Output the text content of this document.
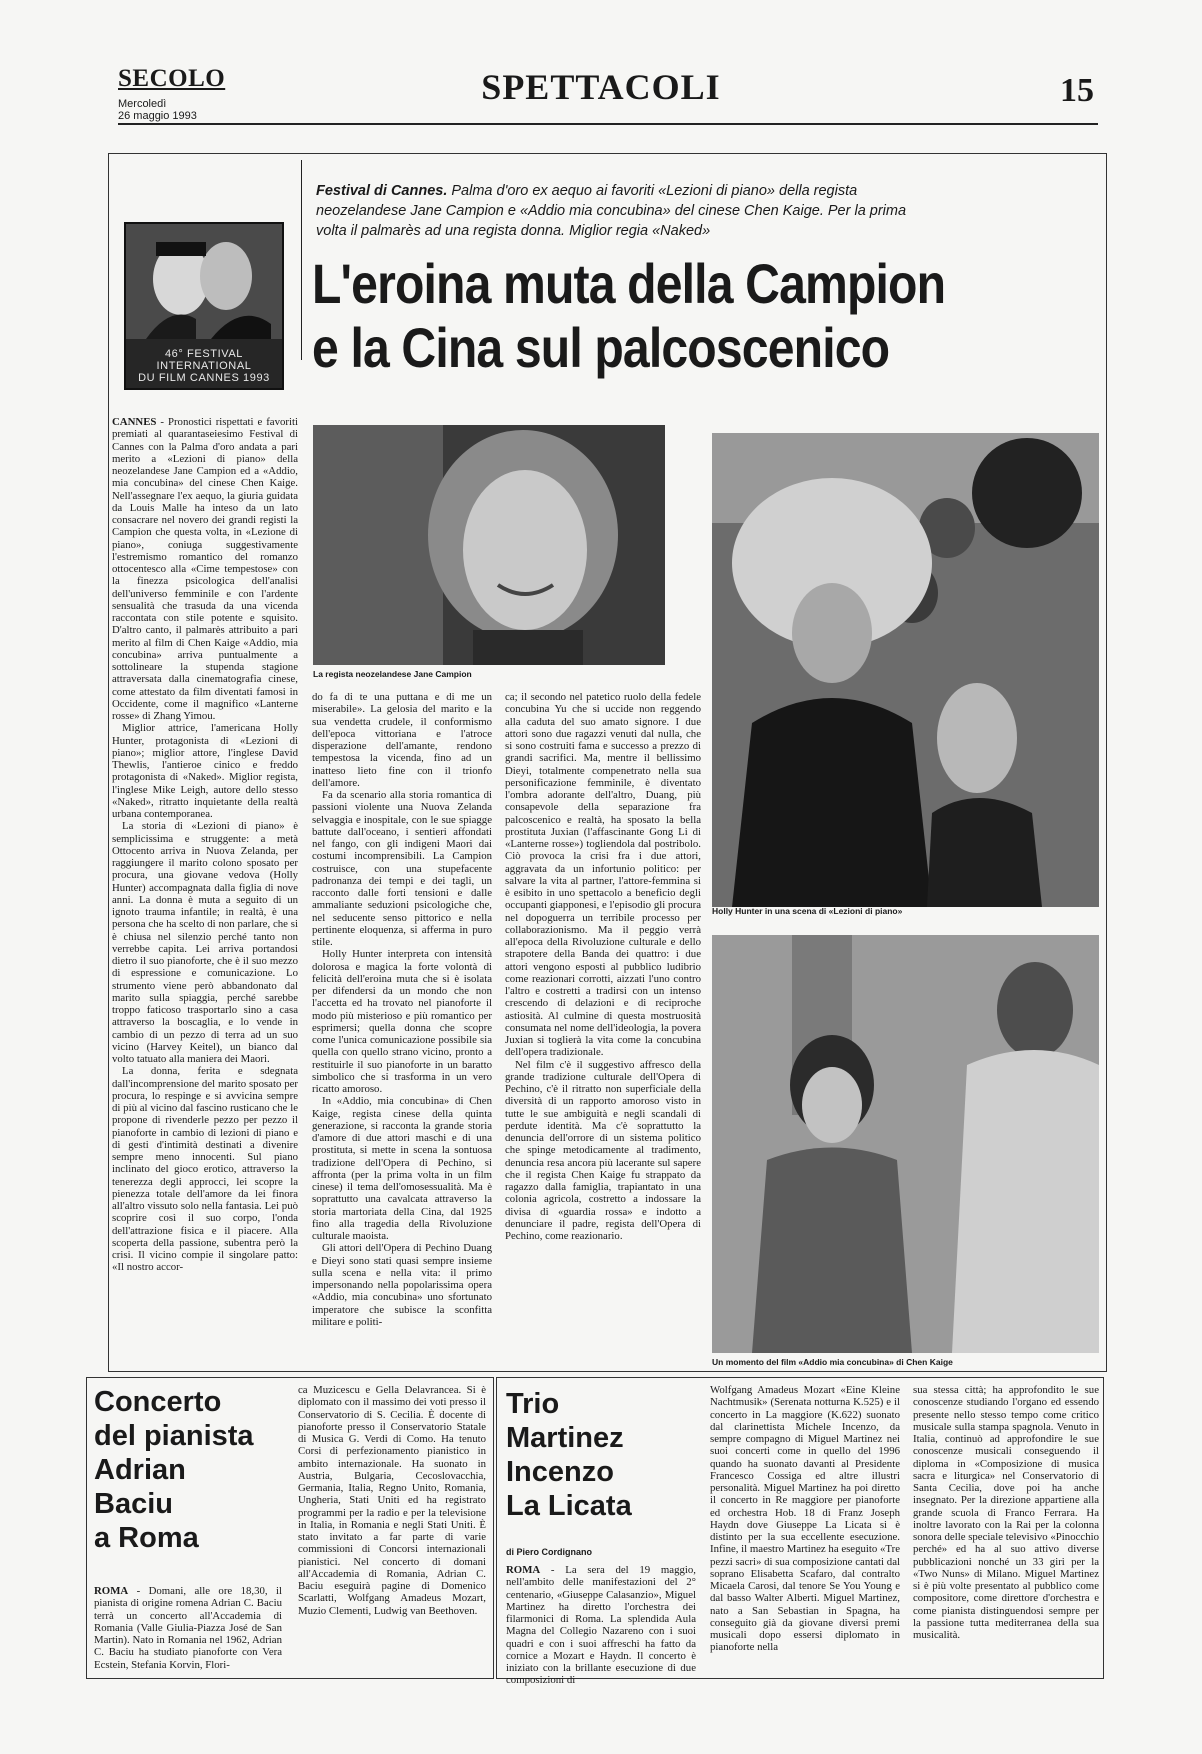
SECOLO
Mercoledì
26 maggio 1993
SPETTACOLI	15
46° FESTIVAL INTERNATIONAL
DU FILM CANNES 1993
Festival di Cannes. Palma d'oro ex aequo ai favoriti «Lezioni di piano» della regista neozelandese Jane Campion e «Addio mia concubina» del cinese Chen Kaige. Per la prima volta il palmarès ad una regista donna. Miglior regia «Naked»
L'eroina muta della Campion
e la Cina sul palcoscenico
La regista neozelandese Jane Campion
Holly Hunter in una scena di «Lezioni di piano»
Un momento del film «Addio mia concubina» di Chen Kaige

CANNES - Pronostici rispettati e favoriti premiati al quarantaseiesimo Festival di Cannes con la Palma d'oro andata a pari merito a «Lezioni di piano» della neozelandese Jane Campion ed a «Addio, mia concubina» del cinese Chen Kaige. Nell'assegnare l'ex aequo, la giuria guidata da Louis Malle ha inteso da un lato consacrare nel novero dei grandi registi la Campion che questa volta, in «Lezione di piano», coniuga suggestivamente l'estremismo romantico del romanzo ottocentesco alla «Cime tempestose» con la finezza psicologica dell'analisi dell'universo femminile e con l'ardente sensualità che trasuda da una vicenda raccontata con stile potente e squisito. D'altro canto, il palmarès attribuito a pari merito al film di Chen Kaige «Addio, mia concubina» arriva puntualmente a sottolineare la stupenda stagione attraversata dalla cinematografia cinese, come attestato da film diventati famosi in Occidente, come il magnifico «Lanterne rosse» di Zhang Yimou.

Miglior attrice, l'americana Holly Hunter, protagonista di «Lezioni di piano»; miglior attore, l'inglese David Thewlis, l'antieroe cinico e freddo protagonista di «Naked». Miglior regista, l'inglese Mike Leigh, autore dello stesso «Naked», ritratto inquietante della realtà urbana contemporanea.

La storia di «Lezioni di piano» è semplicissima e struggente: a metà Ottocento arriva in Nuova Zelanda, per raggiungere il marito colono sposato per procura, una giovane vedova (Holly Hunter) accompagnata dalla figlia di nove anni. La donna è muta a seguito di un ignoto trauma infantile; in realtà, è una persona che ha scelto di non parlare, che si è chiusa nel silenzio perché tanto non verrebbe capita. Lei arriva portandosi dietro il suo pianoforte, che è il suo mezzo di espressione e comunicazione. Lo strumento viene però abbandonato dal marito sulla spiaggia, perché sarebbe troppo faticoso trasportarlo sino a casa attraverso la boscaglia, e lo vende in cambio di un pezzo di terra ad un suo vicino (Harvey Keitel), un bianco dal volto tatuato alla maniera dei Maori.

La donna, ferita e sdegnata dall'incomprensione del marito sposato per procura, lo respinge e si avvicina sempre di più al vicino dal fascino rusticano che le propone di rivenderle pezzo per pezzo il pianoforte in cambio di lezioni di piano e di gesti d'intimità destinati a divenire sempre meno innocenti. Sul piano inclinato del gioco erotico, attraverso la tenerezza degli approcci, lei scopre la pienezza totale dell'amore da lei finora all'altro vissuto solo nella fantasia. Lei può scoprire così il suo corpo, l'onda dell'attrazione fisica e il piacere. Alla scoperta della passione, subentra però la crisi. Il vicino compie il singolare patto: «Il nostro accor-

do fa di te una puttana e di me un miserabile». La gelosia del marito e la sua vendetta crudele, il conformismo dell'epoca vittoriana e l'atroce disperazione dell'amante, rendono tempestosa la vicenda, fino ad un inatteso lieto fine con il trionfo dell'amore.

Fa da scenario alla storia romantica di passioni violente una Nuova Zelanda selvaggia e inospitale, con le sue spiagge battute dall'oceano, i sentieri affondati nel fango, con gli indigeni Maori dai costumi incomprensibili. La Campion costruisce, con una stupefacente padronanza dei tempi e dei tagli, un racconto dalle forti tensioni e dalle ammaliante seduzioni psicologiche che, nel seducente senso pittorico e nella pertinente eloquenza, si afferma in puro stile.

Holly Hunter interpreta con intensità dolorosa e magica la forte volontà di felicità dell'eroina muta che si è isolata per difendersi da un mondo che non l'accetta ed ha trovato nel pianoforte il modo più misterioso e più romantico per esprimersi; quella donna che scopre come l'unica comunicazione possibile sia quella con quello strano vicino, pronto a restituirle il suo pianoforte in un baratto simbolico che si trasforma in un vero ricatto amoroso.

In «Addio, mia concubina» di Chen Kaige, regista cinese della quinta generazione, si racconta la grande storia d'amore di due attori maschi e di una prostituta, si mette in scena la sontuosa tradizione dell'Opera di Pechino, si affronta (per la prima volta in un film cinese) il tema dell'omosessualità. Ma è soprattutto una cavalcata attraverso la storia martoriata della Cina, dal 1925 fino alla tragedia della Rivoluzione culturale maoista.

Gli attori dell'Opera di Pechino Duang e Dieyi sono stati quasi sempre insieme sulla scena e nella vita: il primo impersonando nella popolarissima opera «Addio, mia concubina» uno sfortunato imperatore che subisce la sconfitta militare e politi-

ca; il secondo nel patetico ruolo della fedele concubina Yu che si uccide non reggendo alla caduta del suo amato signore. I due attori sono due ragazzi venuti dal nulla, che si sono costruiti fama e successo a prezzo di grandi sacrifici. Ma, mentre il bellissimo Dieyi, totalmente compenetrato nella sua personificazione femminile, è diventato l'ombra adorante dell'altro, Duang, più consapevole della separazione fra palcoscenico e realtà, ha sposato la bella prostituta Juxian (l'affascinante Gong Li di «Lanterne rosse») togliendola dal postribolo. Ciò provoca la crisi fra i due attori, aggravata da un infortunio politico: per salvare la vita al partner, l'attore-femmina si è esibito in uno spettacolo a beneficio degli occupanti giapponesi, e l'episodio gli procura nel dopoguerra un terribile processo per collaborazionismo. Ma il peggio verrà all'epoca della Rivoluzione culturale e dello strapotere della Banda dei quattro: i due attori vengono esposti al pubblico ludibrio come reazionari corrotti, aizzati l'uno contro l'altro e costretti a tradirsi con un intenso crescendo di delazioni e di reciproche astiosità. Al culmine di questa mostruosità consumata nel nome dell'ideologia, la povera Juxian si toglierà la vita come la concubina dell'opera tradizionale.

Nel film c'è il suggestivo affresco della grande tradizione culturale dell'Opera di Pechino, c'è il ritratto non superficiale della diversità di un rapporto amoroso visto in tutte le sue ambiguità e negli scandali di perdute identità. Ma c'è soprattutto la denuncia dell'orrore di un sistema politico che spinge metodicamente al tradimento, denuncia resa ancora più lacerante sul sapere che il regista Chen Kaige fu strappato da ragazzo dalla famiglia, trapiantato in una colonia agricola, costretto a indossare la divisa di «guardia rossa» e indotto a denunciare il padre, regista dell'Opera di Pechino, come reazionario.

Concerto
del pianista
Adrian
Baciu
a Roma

ROMA - Domani, alle ore 18,30, il pianista di origine romena Adrian C. Baciu terrà un concerto all'Accademia di Romania (Valle Giulia-Piazza José de San Martin). Nato in Romania nel 1962, Adrian C. Baciu ha studiato pianoforte con Vera Ecstein, Stefania Korvin, Flori-

ca Muzicescu e Gella Delavrancea. Si è diplomato con il massimo dei voti presso il Conservatorio di S. Cecilia. È docente di pianoforte presso il Conservatorio Statale di Musica G. Verdi di Como. Ha tenuto Corsi di perfezionamento pianistico in ambito internazionale. Ha suonato in Austria, Bulgaria, Cecoslovacchia, Germania, Italia, Regno Unito, Romania, Ungheria, Stati Uniti ed ha registrato programmi per la radio e per la televisione in Italia, in Romania e negli Stati Uniti. È stato invitato a far parte di varie commissioni di Concorsi internazionali pianistici. Nel concerto di domani all'Accademia di Romania, Adrian C. Baciu eseguirà pagine di Domenico Scarlatti, Wolfgang Amadeus Mozart, Muzio Clementi, Ludwig van Beethoven.

Trio
Martinez
Incenzo
La Licata
di Piero Cordignano

ROMA - La sera del 19 maggio, nell'ambito delle manifestazioni del 2° centenario, «Giuseppe Calasanzio», Miguel Martinez ha diretto l'orchestra dei filarmonici di Roma. La splendida Aula Magna del Collegio Nazareno con i suoi quadri e con i suoi affreschi ha fatto da cornice a Mozart e Haydn. Il concerto è iniziato con la brillante esecuzione di due composizioni di

Wolfgang Amadeus Mozart «Eine Kleine Nachtmusik» (Serenata notturna K.525) e il concerto in La maggiore (K.622) suonato dal clarinettista Michele Incenzo, da sempre compagno di Miguel Martinez nei suoi concerti come in quello del 1996 quando ha suonato davanti al Presidente Francesco Cossiga ed altre illustri personalità. Miguel Martinez ha poi diretto il concerto in Re maggiore per pianoforte ed orchestra Hob. 18 di Franz Joseph Haydn dove Giuseppe La Licata si è distinto per la sua eccellente esecuzione. Infine, il maestro Martinez ha eseguito «Tre pezzi sacri» di sua composizione cantati dal soprano Elisabetta Scafaro, dal contralto Micaela Carosi, dal tenore Se You Young e dal basso Walter Alberti. Miguel Martinez, nato a San Sebastian in Spagna, ha conseguito già da giovane diversi premi musicali dopo essersi diplomato in pianoforte nella

sua stessa città; ha approfondito le sue conoscenze studiando l'organo ed essendo presente nello stesso tempo come critico musicale sulla stampa spagnola. Venuto in Italia, continuò ad approfondire le sue conoscenze musicali conseguendo il diploma in «Composizione di musica sacra e liturgica» nel Conservatorio di Santa Cecilia, dove poi ha anche insegnato. Per la direzione appartiene alla grande scuola di Franco Ferrara. Ha inoltre lavorato con la Rai per la colonna sonora delle speciale televisivo «Pinocchio perché» ed ha al suo attivo diverse pubblicazioni nonché un 33 giri per la «Two Nuns» di Milano. Miguel Martinez si è più volte presentato al pubblico come compositore, come direttore d'orchestra e come pianista distinguendosi sempre per la passione tutta mediterranea della sua musicalità.
